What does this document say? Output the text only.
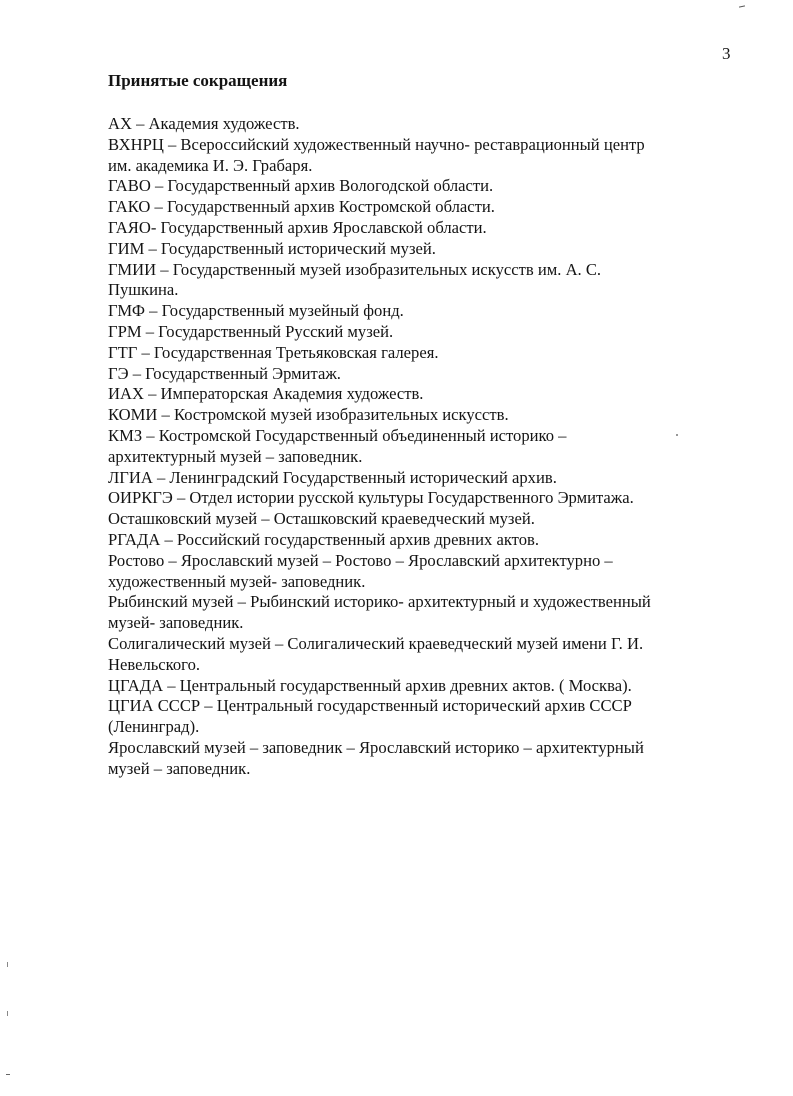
3
Принятые сокращения
АХ – Академия художеств.
ВХНРЦ – Всероссийский художественный научно- реставрационный центр
им. академика И. Э. Грабаря.
ГАВО – Государственный архив Вологодской области.
ГАКО – Государственный архив Костромской области.
ГАЯО- Государственный архив Ярославской области.
ГИМ – Государственный исторический музей.
ГМИИ – Государственный музей изобразительных искусств им. А. С.
Пушкина.
ГМФ – Государственный музейный фонд.
ГРМ – Государственный Русский музей.
ГТГ – Государственная Третьяковская галерея.
ГЭ – Государственный Эрмитаж.
ИАХ – Императорская Академия художеств.
КОМИ – Костромской музей изобразительных искусств.
КМЗ – Костромской Государственный объединенный историко –
архитектурный музей – заповедник.
ЛГИА – Ленинградский Государственный исторический архив.
ОИРКГЭ – Отдел истории русской культуры Государственного Эрмитажа.
Осташковский музей – Осташковский краеведческий музей.
РГАДА – Российский государственный архив древних актов.
Ростово – Ярославский музей – Ростово – Ярославский архитектурно –
художественный музей- заповедник.
Рыбинский музей – Рыбинский историко- архитектурный и художественный
музей- заповедник.
Солигалический музей – Солигалический краеведческий музей имени Г. И.
Невельского.
ЦГАДА – Центральный государственный архив древних актов. ( Москва).
ЦГИА СССР – Центральный государственный исторический архив СССР
(Ленинград).
Ярославский музей – заповедник – Ярославский историко – архитектурный
музей – заповедник.
